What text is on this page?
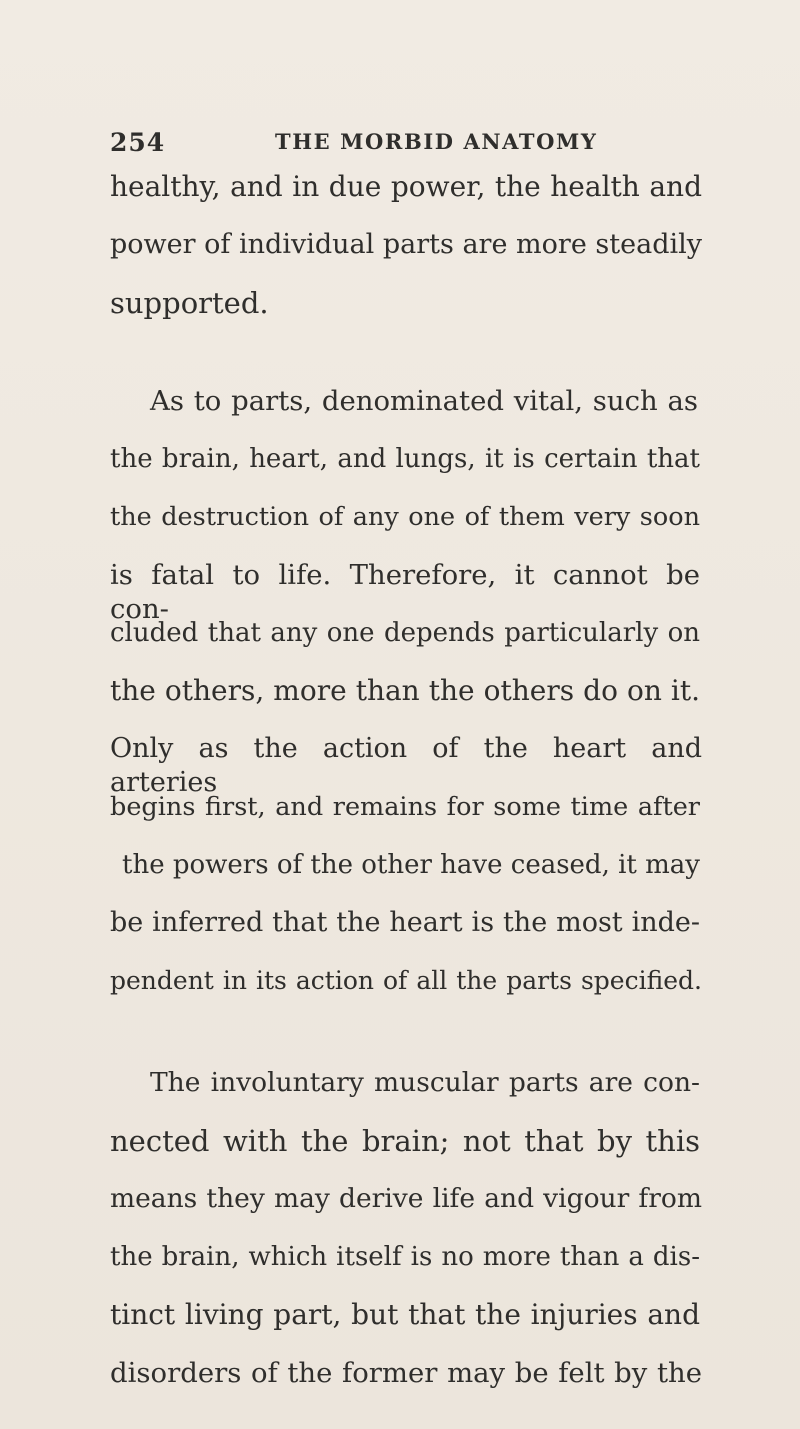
254	THE MORBID ANATOMY
healthy, and in due power, the health and
power of individual parts are more steadily
supported.
As to parts, denominated vital, such as
the brain, heart, and lungs, it is certain that
the destruction of any one of them very soon
is fatal to life. Therefore, it cannot be con-
cluded that any one depends particularly on
the others, more than the others do on it.
Only as the action of the heart and arteries
begins first, and remains for some time after
the powers of the other have ceased, it may
be inferred that the heart is the most inde-
pendent in its action of all the parts specified.
The involuntary muscular parts are con-
nected with the brain; not that by this
means they may derive life and vigour from
the brain, which itself is no more than a dis-
tinct living part, but that the injuries and
disorders of the former may be felt by the
